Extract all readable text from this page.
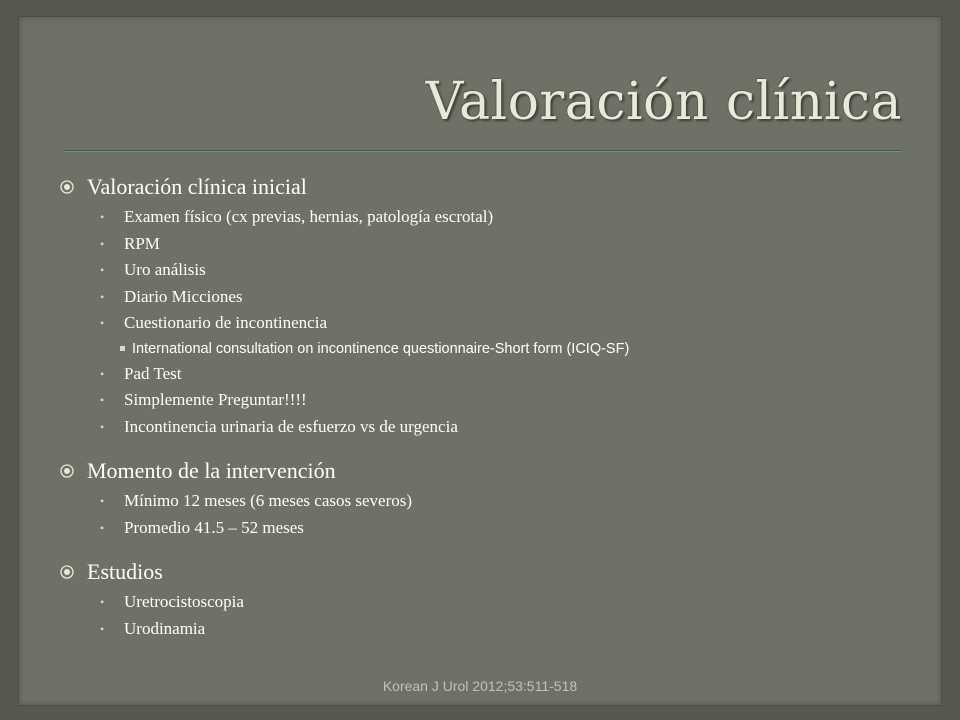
Valoración clínica
Valoración clínica inicial
• Examen físico (cx previas, hernias, patología escrotal)
• RPM
• Uro análisis
• Diario Micciones
• Cuestionario de incontinencia
International consultation on incontinence questionnaire-Short form (ICIQ-SF)
• Pad Test
• Simplemente Preguntar!!!!
• Incontinencia urinaria de esfuerzo vs de urgencia
Momento de la intervención
• Mínimo 12 meses (6 meses casos severos)
• Promedio 41.5 – 52 meses
Estudios
• Uretrocistoscopia
• Urodinamia
Korean J Urol 2012;53:511-518
